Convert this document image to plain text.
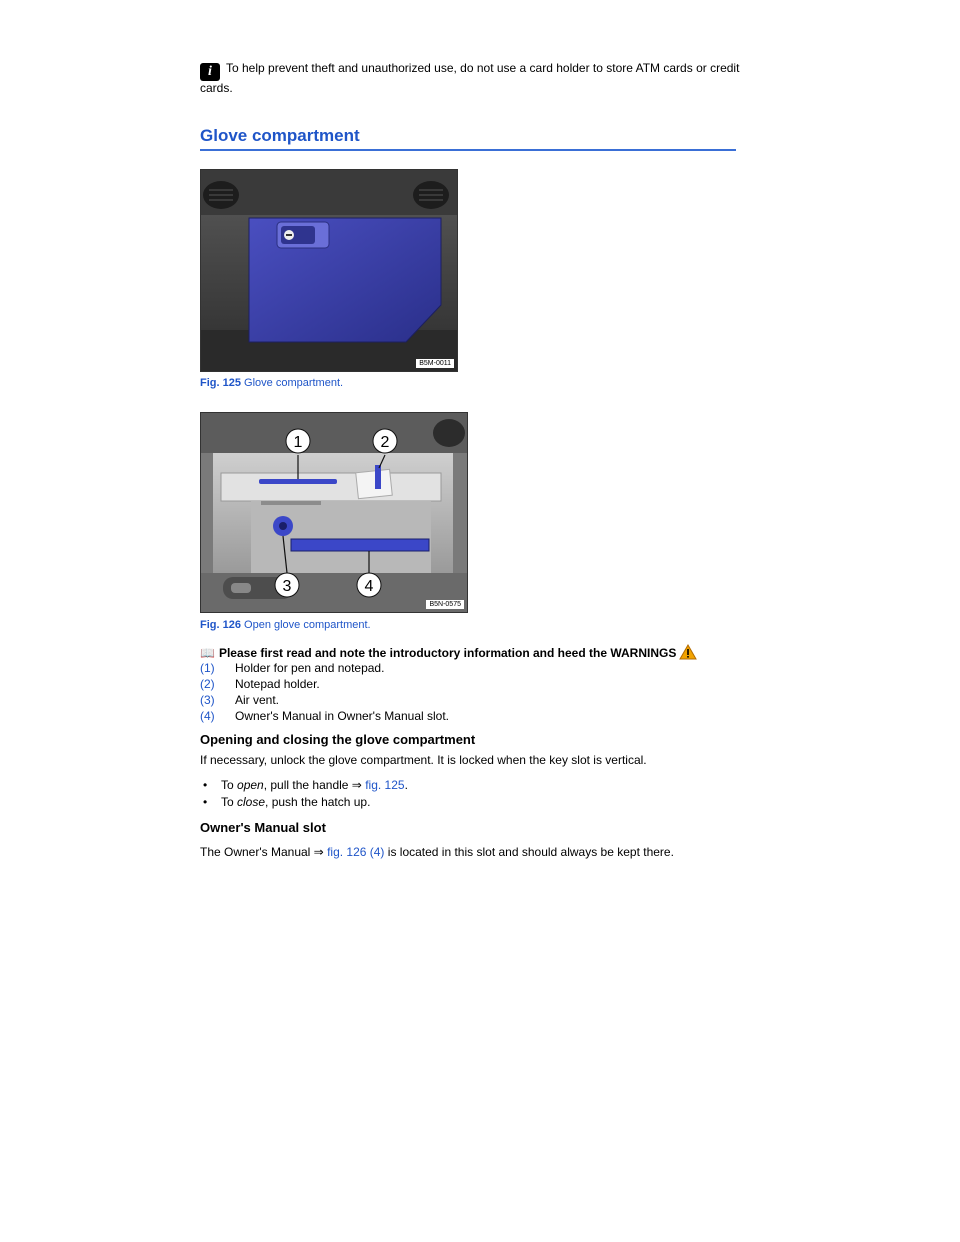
i To help prevent theft and unauthorized use, do not use a card holder to store ATM cards or credit cards.
Glove compartment
B5M-0011
Fig. 125 Glove compartment.
1	2
3	4
B5N-0575
Fig. 126 Open glove compartment.
📖 Please first read and note the introductory information and heed the WARNINGS
(1)	Holder for pen and notepad.
(2)	Notepad holder.
(3)	Air vent.
(4)	Owner's Manual in Owner's Manual slot.
Opening and closing the glove compartment
If necessary, unlock the glove compartment. It is locked when the key slot is vertical.
•	To open, pull the handle ⇒ fig. 125.
•	To close, push the hatch up.
Owner's Manual slot
The Owner's Manual ⇒ fig. 126 (4) is located in this slot and should always be kept there.
